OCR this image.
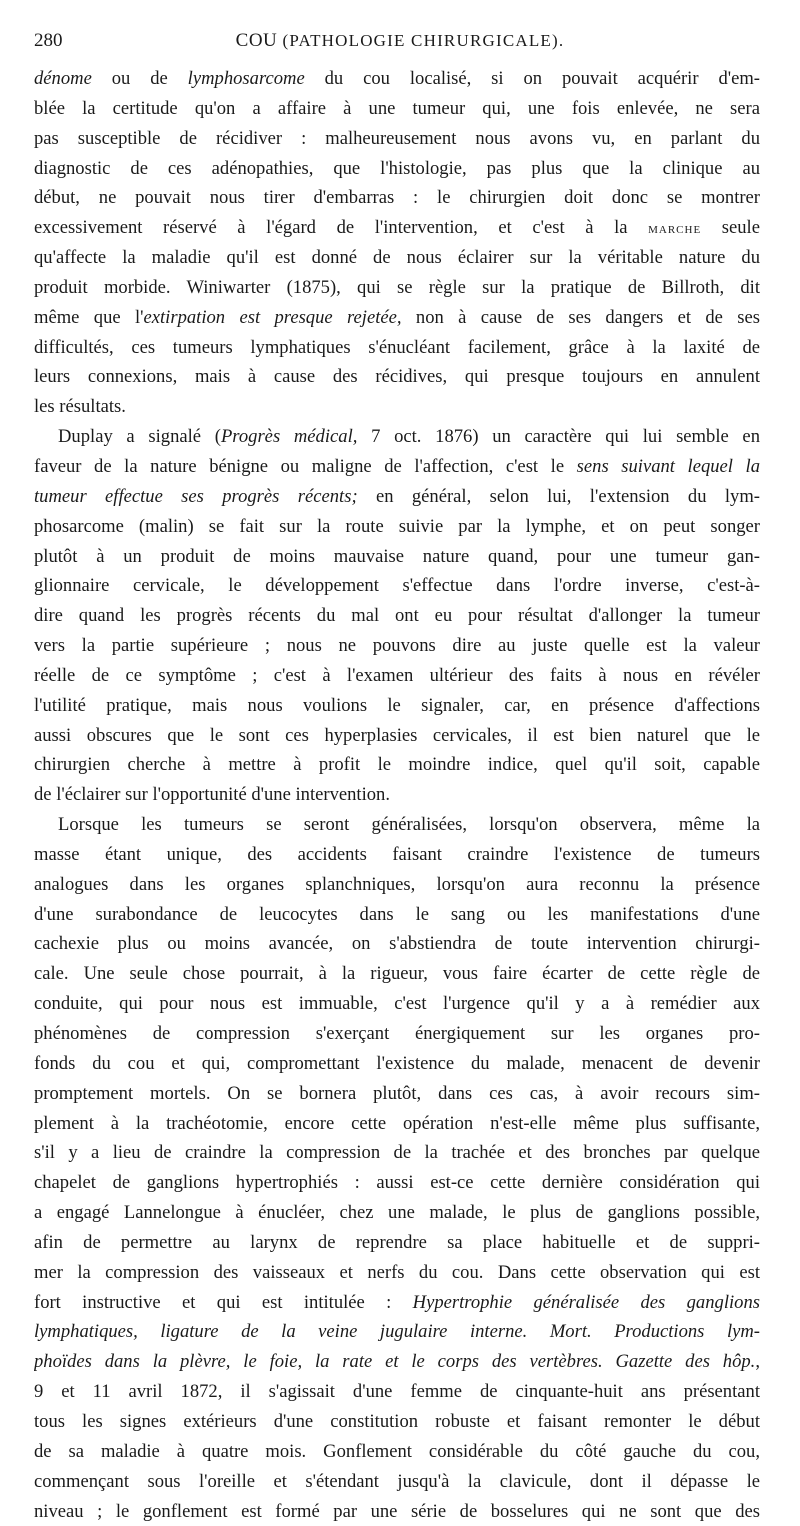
280	COU (PATHOLOGIE CHIRURGICALE).
dénome ou de lymphosarcome du cou localisé, si on pouvait acquérir d'em-
blée la certitude qu'on a affaire à une tumeur qui, une fois enlevée, ne sera
pas susceptible de récidiver : malheureusement nous avons vu, en parlant du
diagnostic de ces adénopathies, que l'histologie, pas plus que la clinique au
début, ne pouvait nous tirer d'embarras : le chirurgien doit donc se montrer
excessivement réservé à l'égard de l'intervention, et c'est à la marche seule
qu'affecte la maladie qu'il est donné de nous éclairer sur la véritable nature du
produit morbide. Winiwarter (1875), qui se règle sur la pratique de Billroth, dit
même que l'extirpation est presque rejetée, non à cause de ses dangers et de ses
difficultés, ces tumeurs lymphatiques s'énucléant facilement, grâce à la laxité de
leurs connexions, mais à cause des récidives, qui presque toujours en annulent
les résultats.
Duplay a signalé (Progrès médical, 7 oct. 1876) un caractère qui lui semble en
faveur de la nature bénigne ou maligne de l'affection, c'est le sens suivant lequel la
tumeur effectue ses progrès récents; en général, selon lui, l'extension du lym-
phosarcome (malin) se fait sur la route suivie par la lymphe, et on peut songer
plutôt à un produit de moins mauvaise nature quand, pour une tumeur gan-
glionnaire cervicale, le développement s'effectue dans l'ordre inverse, c'est-à-
dire quand les progrès récents du mal ont eu pour résultat d'allonger la tumeur
vers la partie supérieure ; nous ne pouvons dire au juste quelle est la valeur
réelle de ce symptôme ; c'est à l'examen ultérieur des faits à nous en révéler
l'utilité pratique, mais nous voulions le signaler, car, en présence d'affections
aussi obscures que le sont ces hyperplasies cervicales, il est bien naturel que le
chirurgien cherche à mettre à profit le moindre indice, quel qu'il soit, capable
de l'éclairer sur l'opportunité d'une intervention.
Lorsque les tumeurs se seront généralisées, lorsqu'on observera, même la
masse étant unique, des accidents faisant craindre l'existence de tumeurs
analogues dans les organes splanchniques, lorsqu'on aura reconnu la présence
d'une surabondance de leucocytes dans le sang ou les manifestations d'une
cachexie plus ou moins avancée, on s'abstiendra de toute intervention chirurgi-
cale. Une seule chose pourrait, à la rigueur, vous faire écarter de cette règle de
conduite, qui pour nous est immuable, c'est l'urgence qu'il y a à remédier aux
phénomènes de compression s'exerçant énergiquement sur les organes pro-
fonds du cou et qui, compromettant l'existence du malade, menacent de devenir
promptement mortels. On se bornera plutôt, dans ces cas, à avoir recours sim-
plement à la trachéotomie, encore cette opération n'est-elle même plus suffisante,
s'il y a lieu de craindre la compression de la trachée et des bronches par quelque
chapelet de ganglions hypertrophiés : aussi est-ce cette dernière considération qui
a engagé Lannelongue à énucléer, chez une malade, le plus de ganglions possible,
afin de permettre au larynx de reprendre sa place habituelle et de suppri-
mer la compression des vaisseaux et nerfs du cou. Dans cette observation qui est
fort instructive et qui est intitulée : Hypertrophie généralisée des ganglions
lymphatiques, ligature de la veine jugulaire interne. Mort. Productions lym-
phoïdes dans la plèvre, le foie, la rate et le corps des vertèbres. Gazette des hôp.,
9 et 11 avril 1872, il s'agissait d'une femme de cinquante-huit ans présentant
tous les signes extérieurs d'une constitution robuste et faisant remonter le début
de sa maladie à quatre mois. Gonflement considérable du côté gauche du cou,
commençant sous l'oreille et s'étendant jusqu'à la clavicule, dont il dépasse le
niveau ; le gonflement est formé par une série de bosselures qui ne sont que des
